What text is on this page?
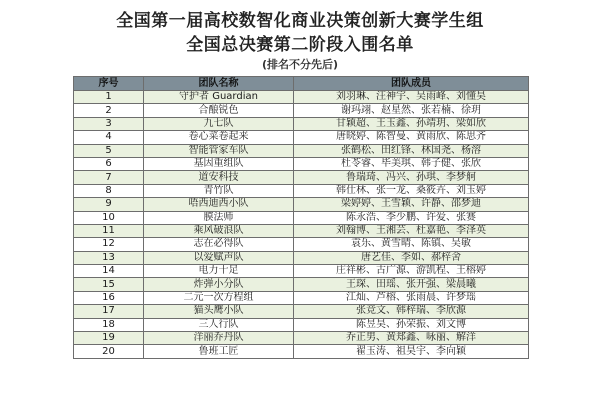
全国第一届高校数智化商业决策创新大赛学生组
全国总决赛第二阶段入围名单
(排名不分先后)
序号	团队名称	团队成员
1	守护者 Guardian	刘羽琳、汪神宇、吴雨峰、刘懂昊
2	合酿锐色	谢玛翊、赵星然、张若楠、徐玥
3	九七队	甘颖超、王玉鑫、孙靖玥、梁如欣
4	卷心菜卷起来	唐晓婷、陈智曼、黄雨欣、陈思齐
5	智能管家车队	张鹤松、田红锋、林国尧、杨溶
6	基因重组队	杜苓睿、毕美琪、韩子健、张欣
7	道安科技	鲁瑞琦、冯兴、孙琪、李梦舸
8	青竹队	韩仕林、张一龙、桑筱卉、刘玉婷
9	唔西迪西小队	梁婷婷、王雪颖、许静、邵梦迪
10	膜法师	陈永浩、李少鹏、许爱、张赛
11	乘风破浪队	刘翰博、王湘芸、杜嘉艳、李泽英
12	志在必得队	袁乐、黄雪晴、陈镇、吴敏
13	以爱赋声队	唐艺佳、李如、郝梓舍
14	电力十足	庄祥彬、古广源、游凯程、王榕婷
15	炸弹小分队	王琛、田瑶、张开强、梁晨曦
16	二元一次方程组	江灿、芦榕、张雨晨、许梦瑶
17	猫头鹰小队	张竞文、韩梓瑞、李欣源
18	三人行队	陈昱昊、孙荣振、刘文博
19	洋丽乔丹队	乔正男、黄郑鑫、咏丽、解洋
20	鲁班工匠	翟玉涛、祖昊宇、李向颖
